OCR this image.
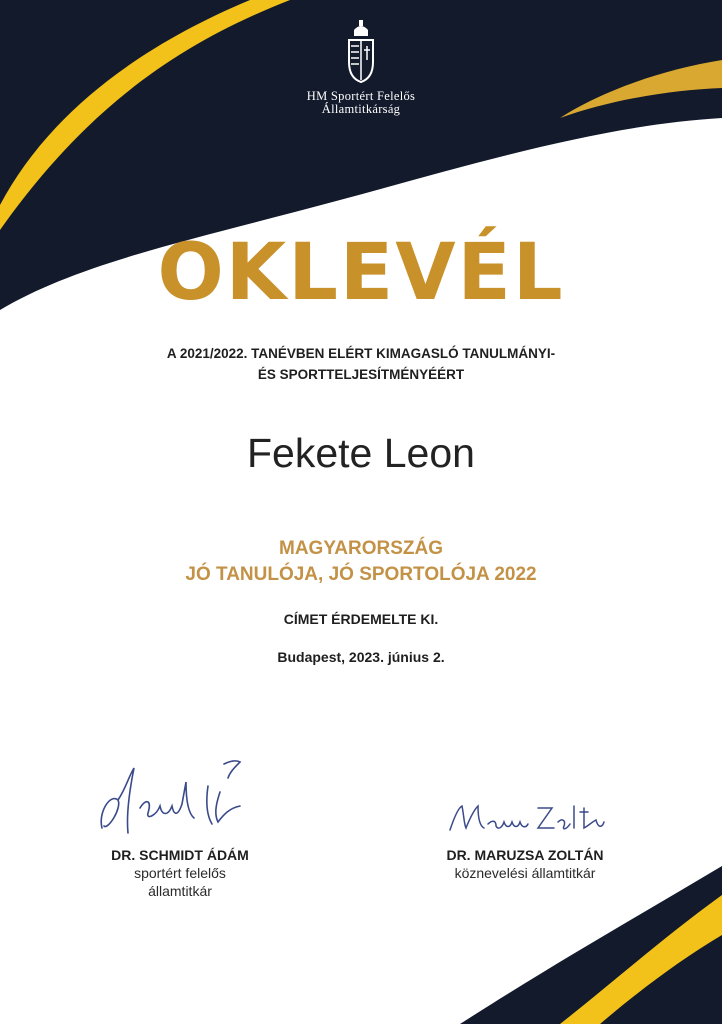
HM Sportért Felelős
Államtitkárság
OKLEVÉL
A 2021/2022. TANÉVBEN ELÉRT KIMAGASLÓ TANULMÁNYI-
ÉS SPORTTELJESÍTMÉNYÉÉRT
Fekete Leon
MAGYARORSZÁG
JÓ TANULÓJA, JÓ SPORTOLÓJA 2022
CÍMET ÉRDEMELTE KI.
Budapest, 2023. június 2.
DR. SCHMIDT ÁDÁM
sportért felelős
államtitkár
DR. MARUZSA ZOLTÁN
köznevelési államtitkár
